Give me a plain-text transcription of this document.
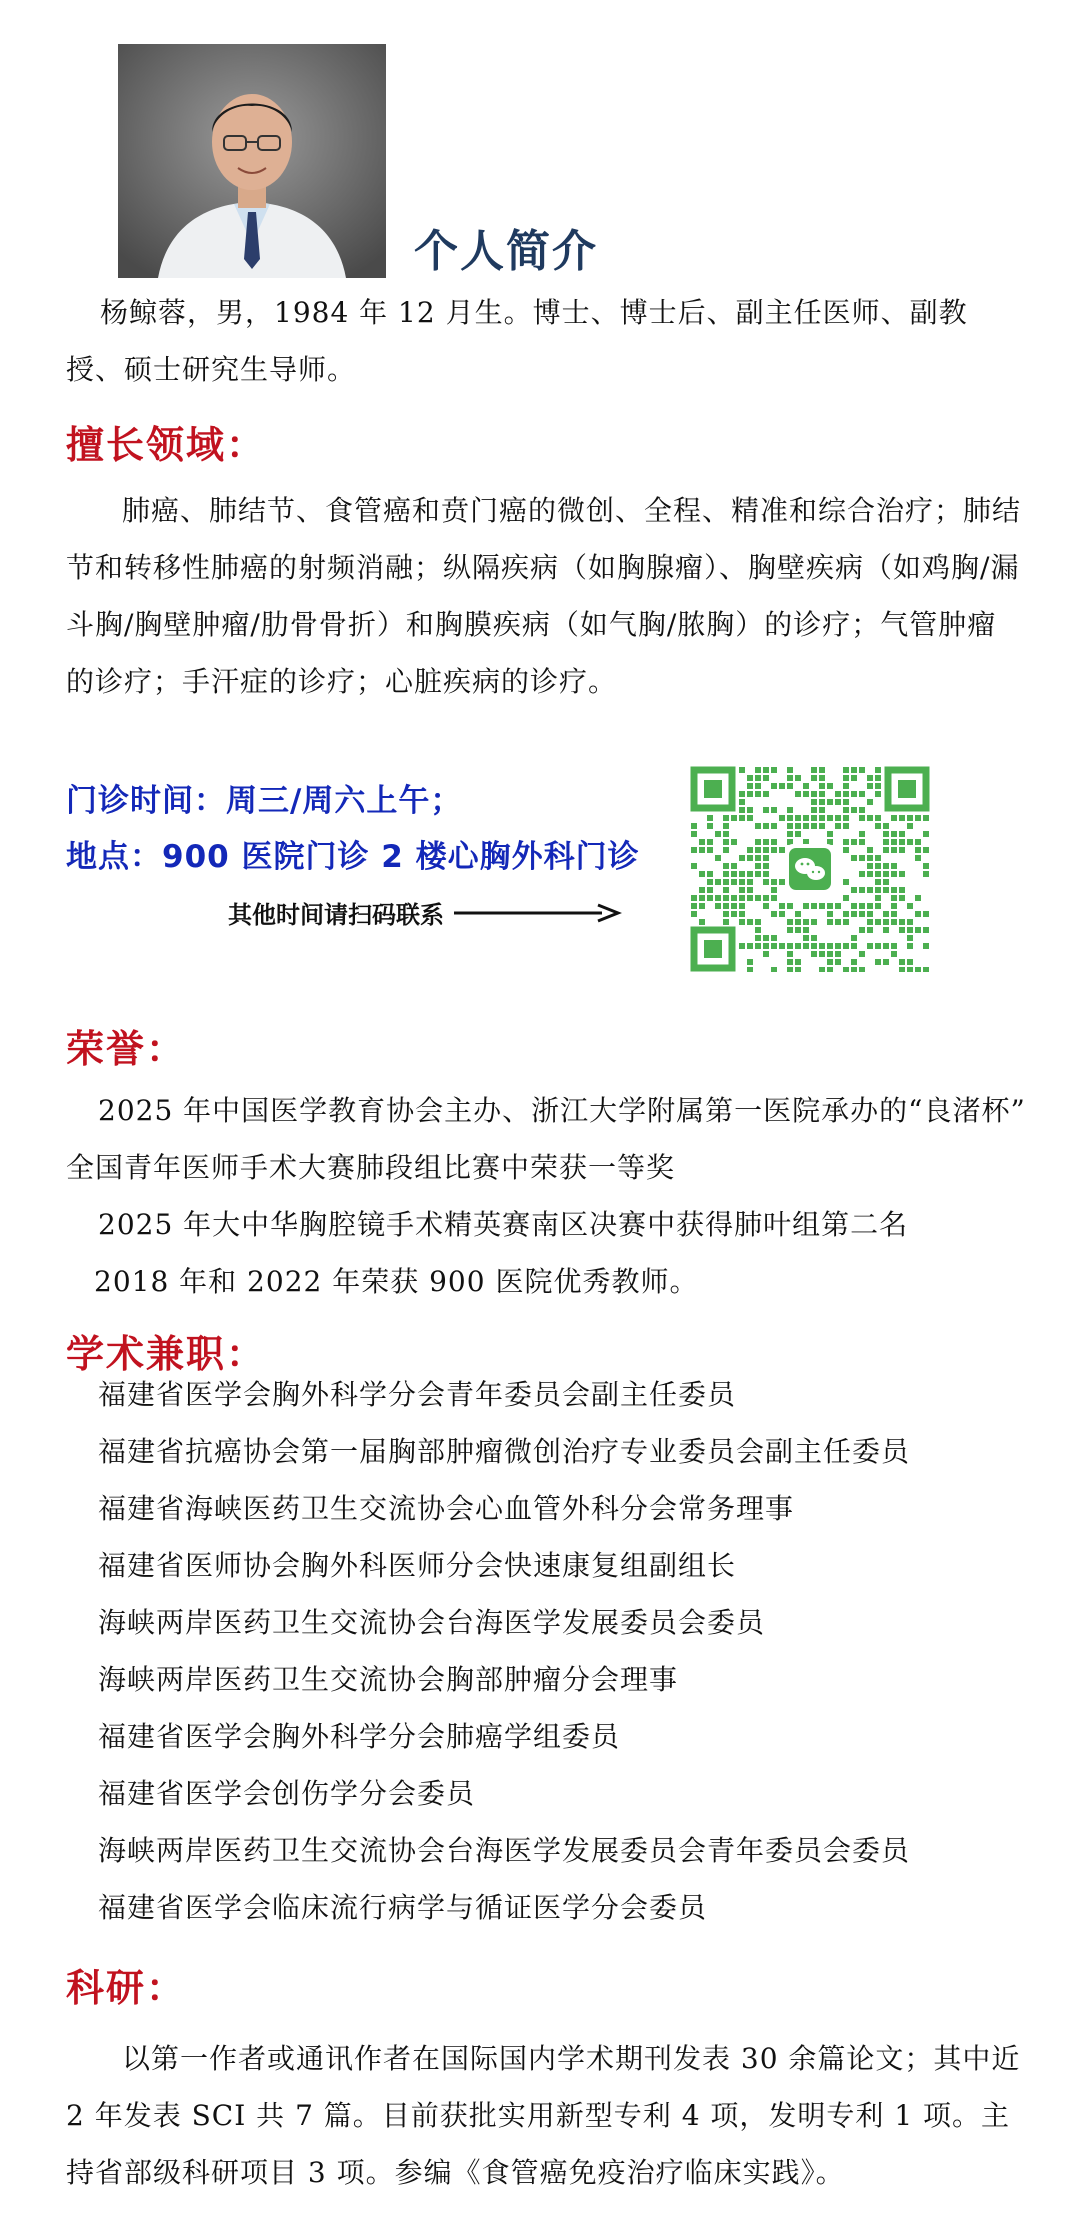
个人简介
杨鲸蓉，男，1984 年 12 月生。博士、博士后、副主任医师、副教授、硕士研究生导师。
擅长领域：
肺癌、肺结节、食管癌和贲门癌的微创、全程、精准和综合治疗；肺结节和转移性肺癌的射频消融；纵隔疾病（如胸腺瘤）、胸壁疾病（如鸡胸/漏斗胸/胸壁肿瘤/肋骨骨折）和胸膜疾病（如气胸/脓胸）的诊疗；气管肿瘤的诊疗；手汗症的诊疗；心脏疾病的诊疗。
门诊时间：周三/周六上午；
地点：900 医院门诊 2 楼心胸外科门诊
其他时间请扫码联系
荣誉：
2025 年中国医学教育协会主办、浙江大学附属第一医院承办的“良渚杯”
全国青年医师手术大赛肺段组比赛中荣获一等奖
2025 年大中华胸腔镜手术精英赛南区决赛中获得肺叶组第二名
2018 年和 2022 年荣获 900 医院优秀教师。
学术兼职：
福建省医学会胸外科学分会青年委员会副主任委员
福建省抗癌协会第一届胸部肿瘤微创治疗专业委员会副主任委员
福建省海峡医药卫生交流协会心血管外科分会常务理事
福建省医师协会胸外科医师分会快速康复组副组长
海峡两岸医药卫生交流协会台海医学发展委员会委员
海峡两岸医药卫生交流协会胸部肿瘤分会理事
福建省医学会胸外科学分会肺癌学组委员
福建省医学会创伤学分会委员
海峡两岸医药卫生交流协会台海医学发展委员会青年委员会委员
福建省医学会临床流行病学与循证医学分会委员
科研：
以第一作者或通讯作者在国际国内学术期刊发表 30 余篇论文；其中近 2 年发表 SCI 共 7 篇。目前获批实用新型专利 4 项，发明专利 1 项。主持省部级科研项目 3 项。参编《食管癌免疫治疗临床实践》。
